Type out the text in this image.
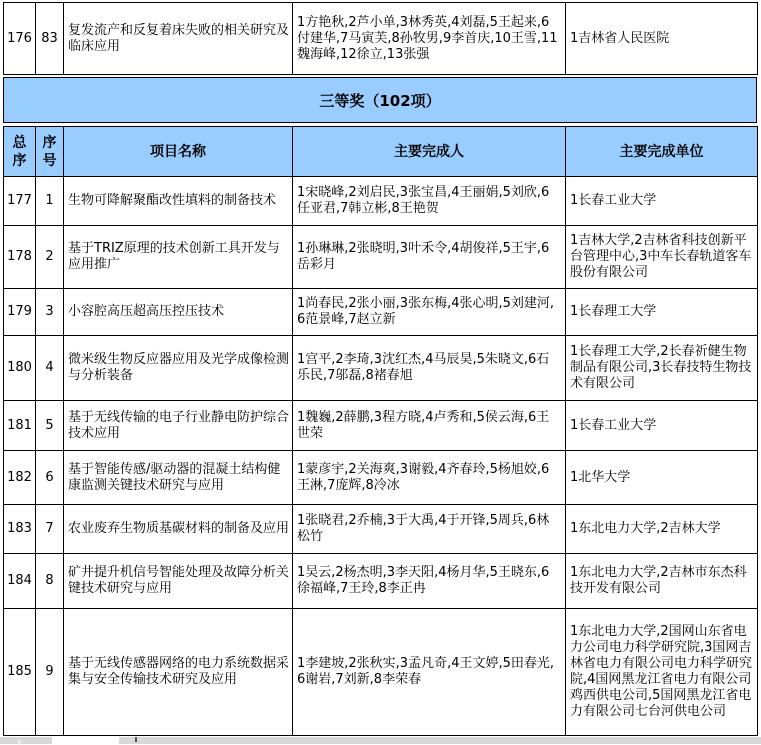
176	83	复发流产和反复着床失败的相关研究及临床应用	1方艳秋,2芦小单,3林秀英,4刘磊,5王起来,6付建华,7马寅芙,8孙牧男,9李首庆,10王雪,11魏海峰,12徐立,13张强	1吉林省人民医院
三等奖（102项）
总序	序号	项目名称	主要完成人	主要完成单位
177	1	生物可降解聚酯改性填料的制备技术	1宋晓峰,2刘启民,3张宝昌,4王丽娟,5刘欣,6任亚君,7韩立彬,8王艳贺	1长春工业大学
178	2	基于TRIZ原理的技术创新工具开发与应用推广	1孙琳琳,2张晓明,3叶禾令,4胡俊祥,5王宇,6岳彩月	1吉林大学,2吉林省科技创新平台管理中心,3中车长春轨道客车股份有限公司
179	3	小容腔高压超高压控压技术	1尚春民,2张小丽,3张东梅,4张心明,5刘建河,6范景峰,7赵立新	1长春理工大学
180	4	微米级生物反应器应用及光学成像检测与分析装备	1宫平,2李琦,3沈红杰,4马辰昊,5朱晓文,6石乐民,7邬磊,8褚春旭	1长春理工大学,2长春祈健生物制品有限公司,3长春技特生物技术有限公司
181	5	基于无线传输的电子行业静电防护综合技术应用	1魏巍,2薛鹏,3程方晓,4卢秀和,5侯云海,6王世荣	1长春工业大学
182	6	基于智能传感/驱动器的混凝土结构健康监测关键技术研究与应用	1蒙彦宇,2关海爽,3谢毅,4齐春玲,5杨旭姣,6王淋,7庞辉,8冷冰	1北华大学
183	7	农业废弃生物质基碳材料的制备及应用	1张晓君,2乔楠,3于大禹,4于开锋,5周兵,6林松竹	1东北电力大学,2吉林大学
184	8	矿井提升机信号智能处理及故障分析关键技术研究与应用	1吴云,2杨杰明,3李天阳,4杨月华,5王晓东,6徐福峰,7王玲,8李正冉	1东北电力大学,2吉林市东杰科技开发有限公司
185	9	基于无线传感器网络的电力系统数据采集与安全传输技术研究及应用	1李建坡,2张秋实,3孟凡奇,4王文婷,5田春光,6谢岩,7刘新,8李荣春	1东北电力大学,2国网山东省电力公司电力科学研究院,3国网吉林省电力有限公司电力科学研究院,4国网黑龙江省电力有限公司鸡西供电公司,5国网黑龙江省电力有限公司七台河供电公司
